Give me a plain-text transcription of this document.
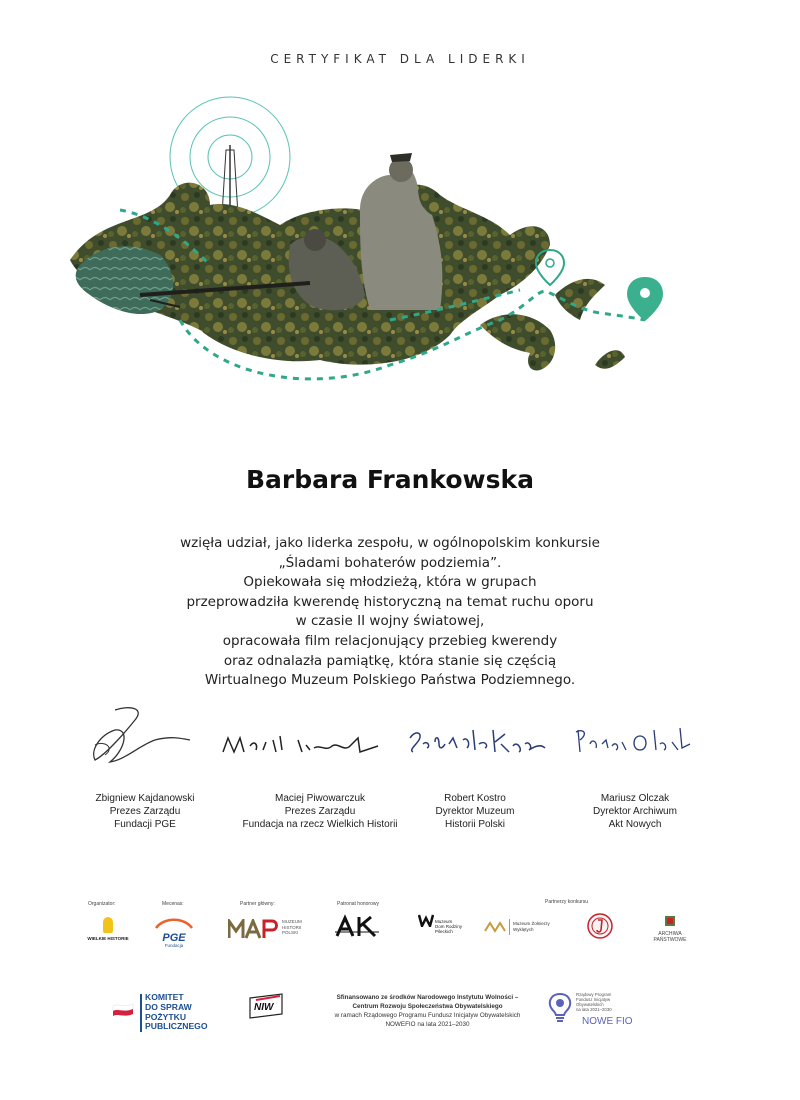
CERTYFIKAT DLA LIDERKI
Barbara Frankowska
wzięła udział, jako liderka zespołu, w ogólnopolskim konkursie
„Śladami bohaterów podziemia”.
Opiekowała się młodzieżą, która w grupach
przeprowadziła kwerendę historyczną na temat ruchu oporu
w czasie II wojny światowej,
opracowała film relacjonujący przebieg kwerendy
oraz odnalazła pamiątkę, która stanie się częścią
Wirtualnego Muzeum Polskiego Państwa Podziemnego.
Zbigniew Kajdanowski
Prezes Zarządu
Fundacji PGE
Maciej Piwowarczuk
Prezes Zarządu
Fundacja na rzecz Wielkich Historii
Robert Kostro
Dyrektor Muzeum
Historii Polski
Mariusz Olczak
Dyrektor Archiwum
Akt Nowych
Organizator:	Mecenas:	Partner główny:	Patronat honorowy	Partnerzy konkursu
WIELKIE HISTORIE	PGE
Fundacja
MUZEUM
HISTORII
POLSKI
Muzeum
Dom Rodziny
Pileckich
Muzeum Żołnierzy
Wyklętych
ARCHIWA
PAŃSTWOWE
KOMITET
DO SPRAW
POŻYTKU
PUBLICZNEGO
NIW
Sfinansowano ze środków Narodowego Instytutu Wolności –
Centrum Rozwoju Społeczeństwa Obywatelskiego
w ramach Rządowego Programu Fundusz Inicjatyw Obywatelskich
NOWEFIO na lata 2021–2030
Rządowy Program
Fundusz Inicjatyw
Obywatelskich
na lata 2021–2030
NOWE FIO
